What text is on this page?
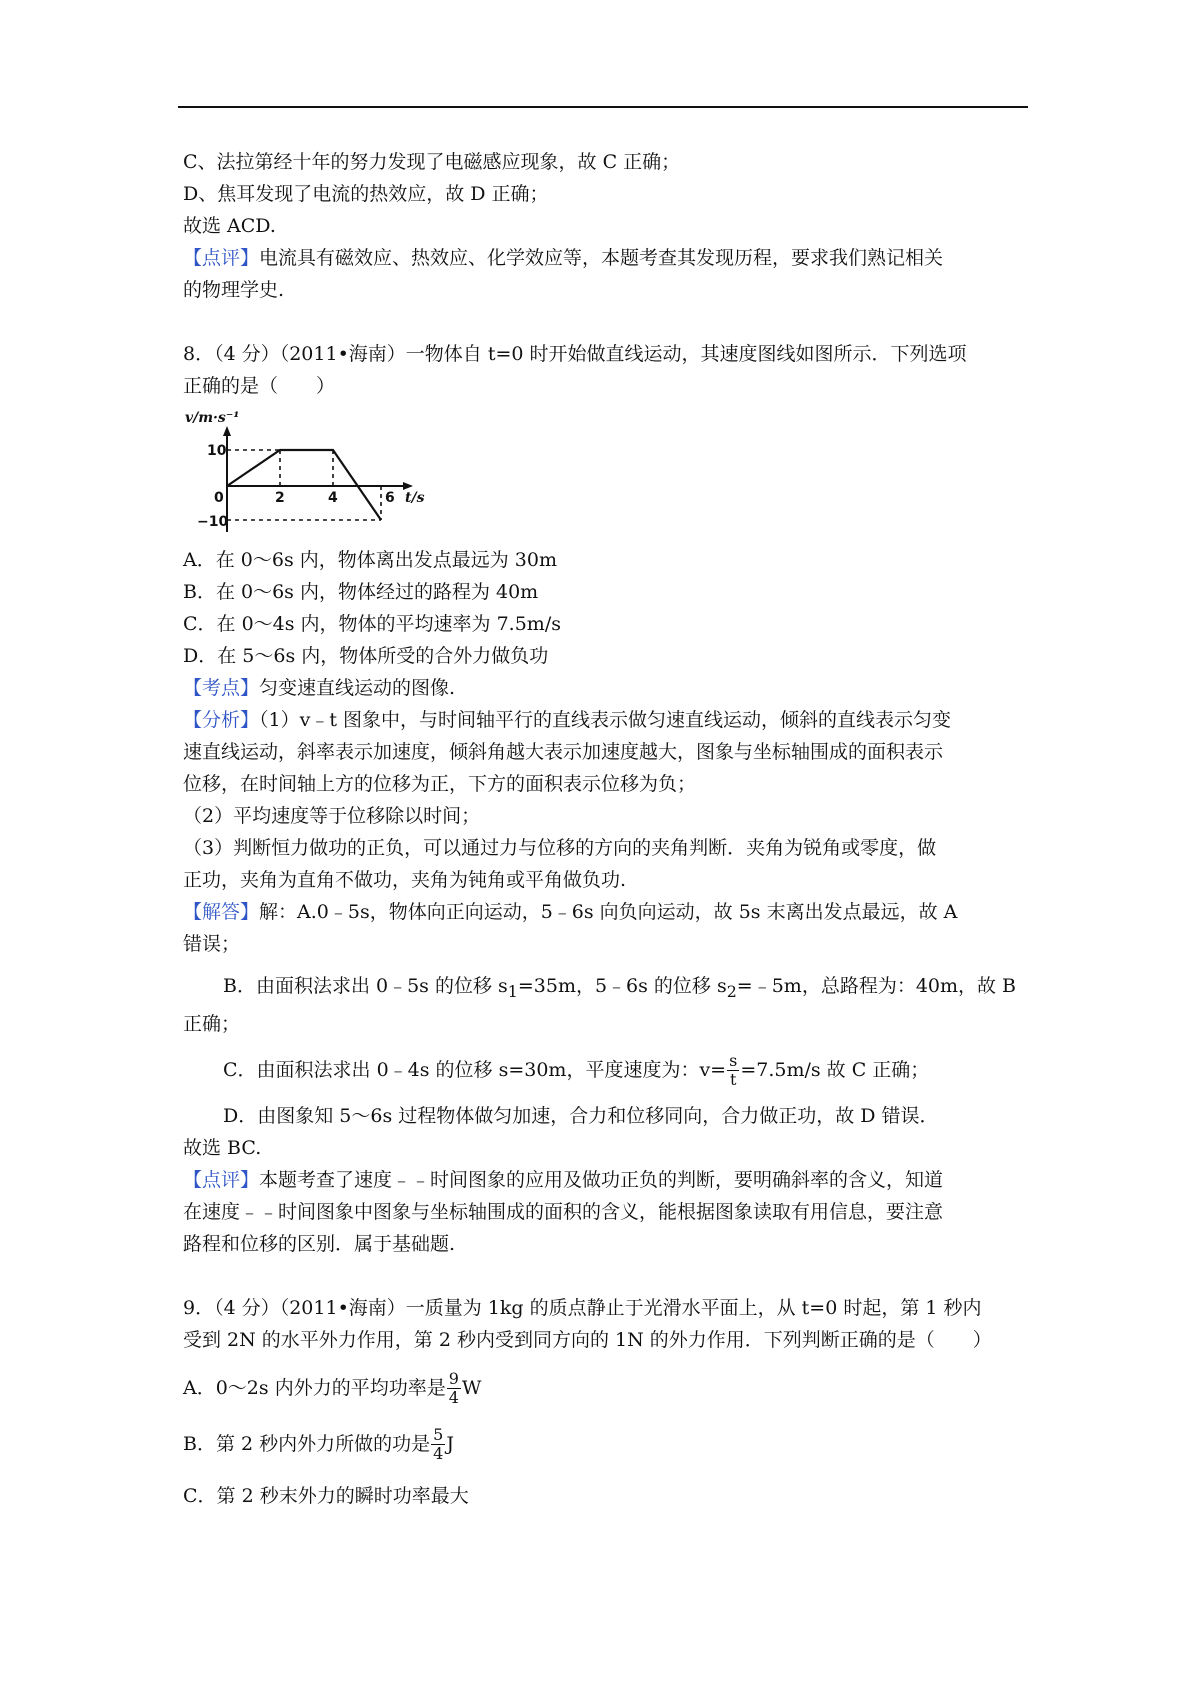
C、法拉第经十年的努力发现了电磁感应现象，故 C 正确；
D、焦耳发现了电流的热效应，故 D 正确；
故选 ACD.
【点评】电流具有磁效应、热效应、化学效应等，本题考查其发现历程，要求我们熟记相关
的物理学史.
8．（4 分）（2011•海南）一物体自 t=0 时开始做直线运动，其速度图线如图所示．下列选项
正确的是（　　）
v/m·s⁻¹
10
0
−10
2	4	6 t/s
A．在 0～6s 内，物体离出发点最远为 30m
B．在 0～6s 内，物体经过的路程为 40m
C．在 0～4s 内，物体的平均速率为 7.5m/s
D．在 5～6s 内，物体所受的合外力做负功
【考点】匀变速直线运动的图像.
【分析】（1）v﹣t 图象中，与时间轴平行的直线表示做匀速直线运动，倾斜的直线表示匀变
速直线运动，斜率表示加速度，倾斜角越大表示加速度越大，图象与坐标轴围成的面积表示
位移，在时间轴上方的位移为正，下方的面积表示位移为负；
（2）平均速度等于位移除以时间；
（3）判断恒力做功的正负，可以通过力与位移的方向的夹角判断．夹角为锐角或零度，做
正功，夹角为直角不做功，夹角为钝角或平角做负功.
【解答】解：A.0﹣5s，物体向正向运动，5﹣6s 向负向运动，故 5s 末离出发点最远，故 A
错误；
B．由面积法求出 0﹣5s 的位移 $s_1=35m$，5﹣6s 的位移 $s_2=﹣5m$，总路程为：40m，故 B
正确；
C．由面积法求出 0﹣4s 的位移 s=30m，平度速度为：$v= \frac{s}{t} =7.5m/s$ 故 C 正确；
D．由图象知 5～6s 过程物体做匀加速，合力和位移同向，合力做正功，故 D 错误．
故选 BC.
【点评】本题考查了速度﹣﹣时间图象的应用及做功正负的判断，要明确斜率的含义，知道
在速度﹣﹣时间图象中图象与坐标轴围成的面积的含义，能根据图象读取有用信息，要注意
路程和位移的区别．属于基础题.
9．（4 分）（2011•海南）一质量为 1kg 的质点静止于光滑水平面上，从 t=0 时起，第 1 秒内
受到 2N 的水平外力作用，第 2 秒内受到同方向的 1N 的外力作用．下列判断正确的是（　　）
A．0～2s 内外力的平均功率是 $\frac{9}{4}$ W
B．第 2 秒内外力所做的功是 $\frac{5}{4}$ J
C．第 2 秒末外力的瞬时功率最大
